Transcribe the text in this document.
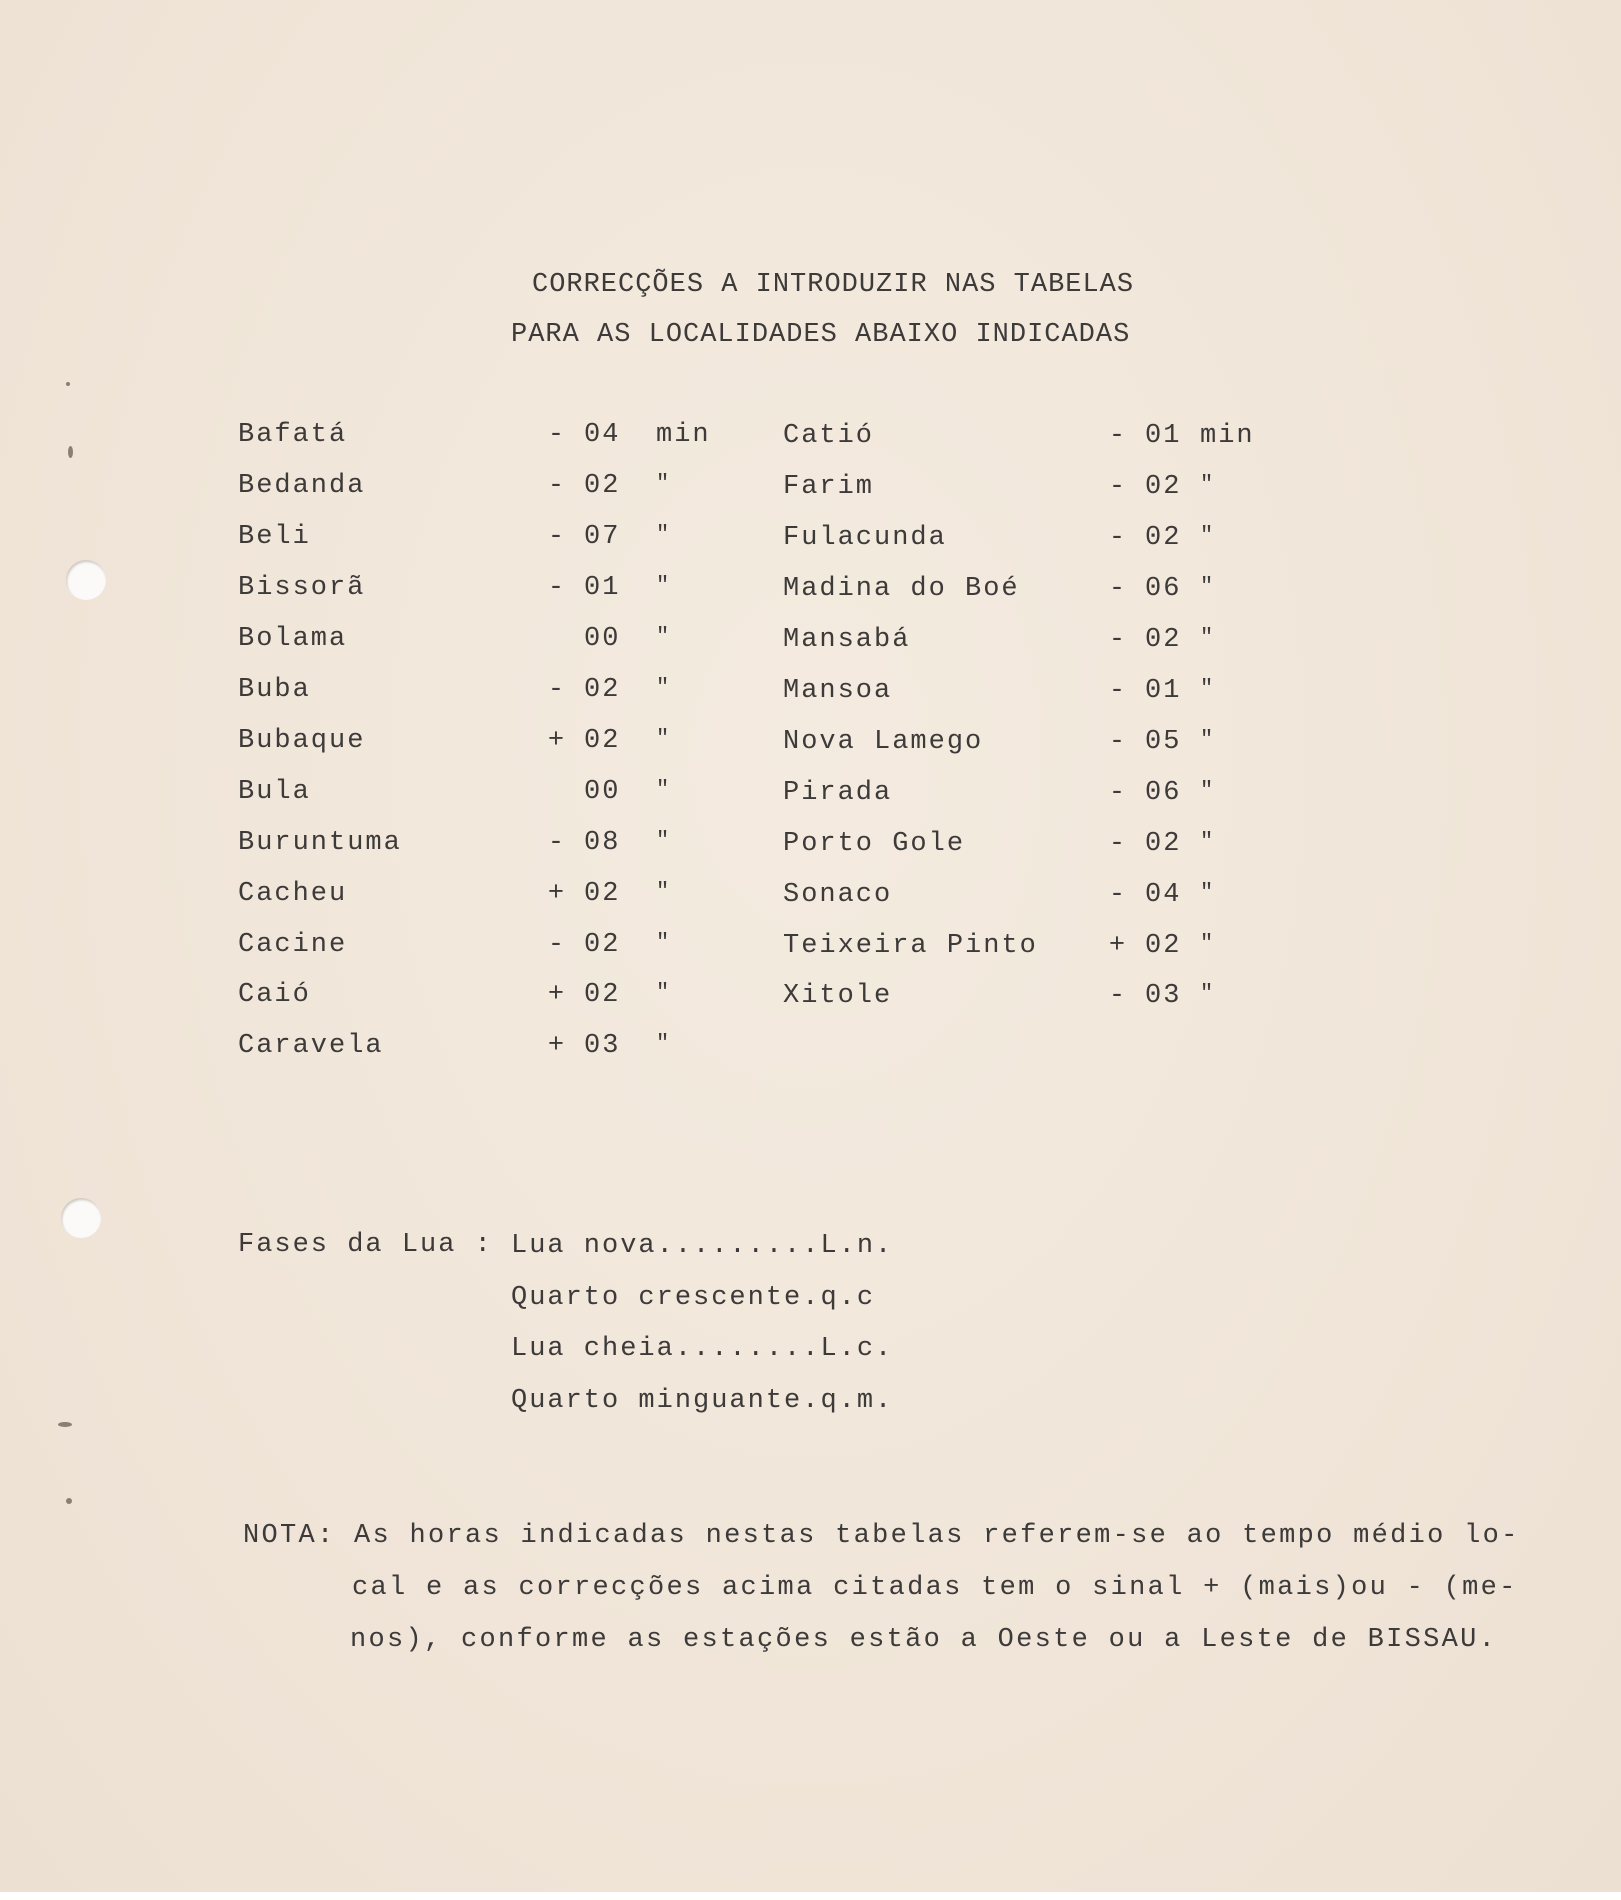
CORRECÇÕES A INTRODUZIR NAS TABELAS
PARA AS LOCALIDADES ABAIXO INDICADAS
Bafatá	- 04 min
Bedanda	- 02 "
Beli	- 07 "
Bissorã	- 01 "
Bolama	00 "
Buba	- 02 "
Bubaque	+ 02 "
Bula	00 "
Buruntuma	- 08 "
Cacheu	+ 02 "
Cacine	- 02 "
Caió	+ 02 "
Caravela	+ 03 "
Catió	- 01 min
Farim	- 02 "
Fulacunda	- 02 "
Madina do Boé	- 06 "
Mansabá	- 02 "
Mansoa	- 01 "
Nova Lamego	- 05 "
Pirada	- 06 "
Porto Gole	- 02 "
Sonaco	- 04 "
Teixeira Pinto	+ 02 "
Xitole	- 03 "
Fases da Lua : Lua nova.........L.n.
Quarto crescente.q.c
Lua cheia........L.c.
Quarto minguante.q.m.
NOTA: As horas indicadas nestas tabelas referem-se ao tempo médio lo-
cal e as correcções acima citadas tem o sinal + (mais)ou - (me-
nos), conforme as estações estão a Oeste ou a Leste de BISSAU.
